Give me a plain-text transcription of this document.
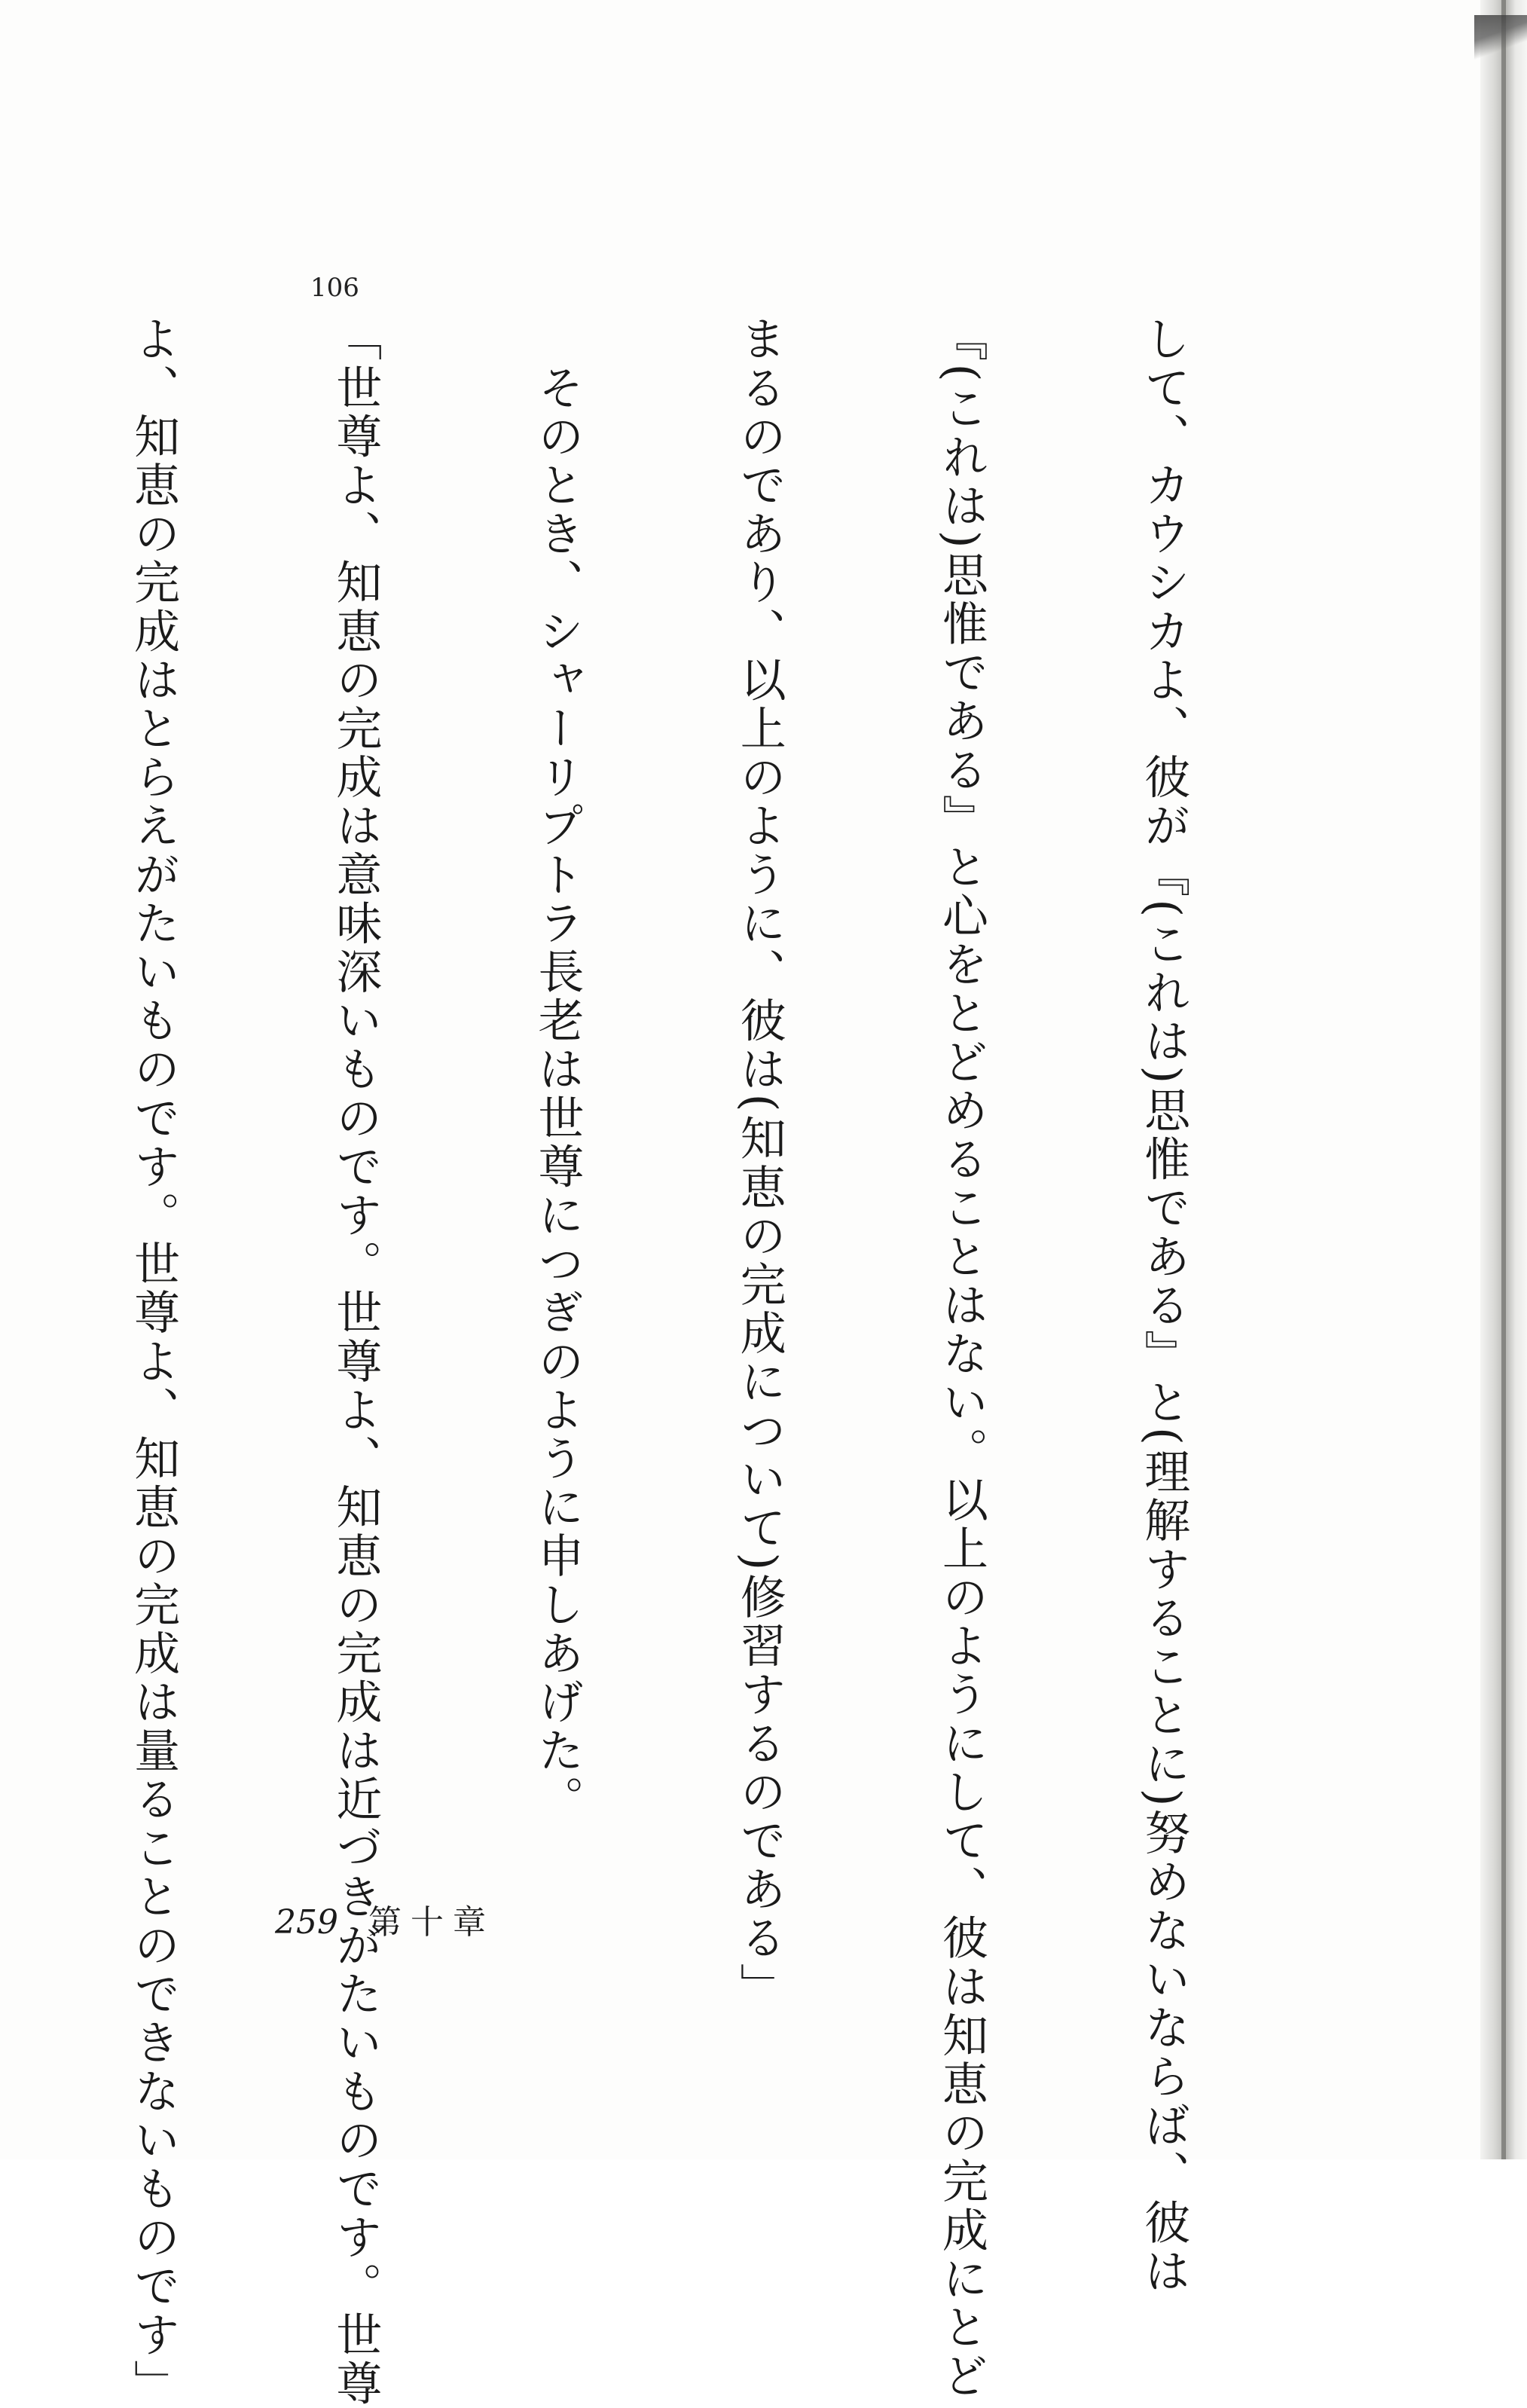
106

して、カウシカよ、彼が『(これは)思惟である』と(理解することに)努めないならば、彼は

『(これは)思惟である』と心をとどめることはない。以上のようにして、彼は知恵の完成にとど

まるのであり、以上のように、彼は(知恵の完成について)修習するのである」

　そのとき、シャーリプトラ長老は世尊につぎのように申しあげた。

「世尊よ、知恵の完成は意味深いものです。世尊よ、知恵の完成は近づきがたいものです。世尊

よ、知恵の完成はとらえがたいものです。世尊よ、知恵の完成は量ることのできないものです」

	259 第十章
